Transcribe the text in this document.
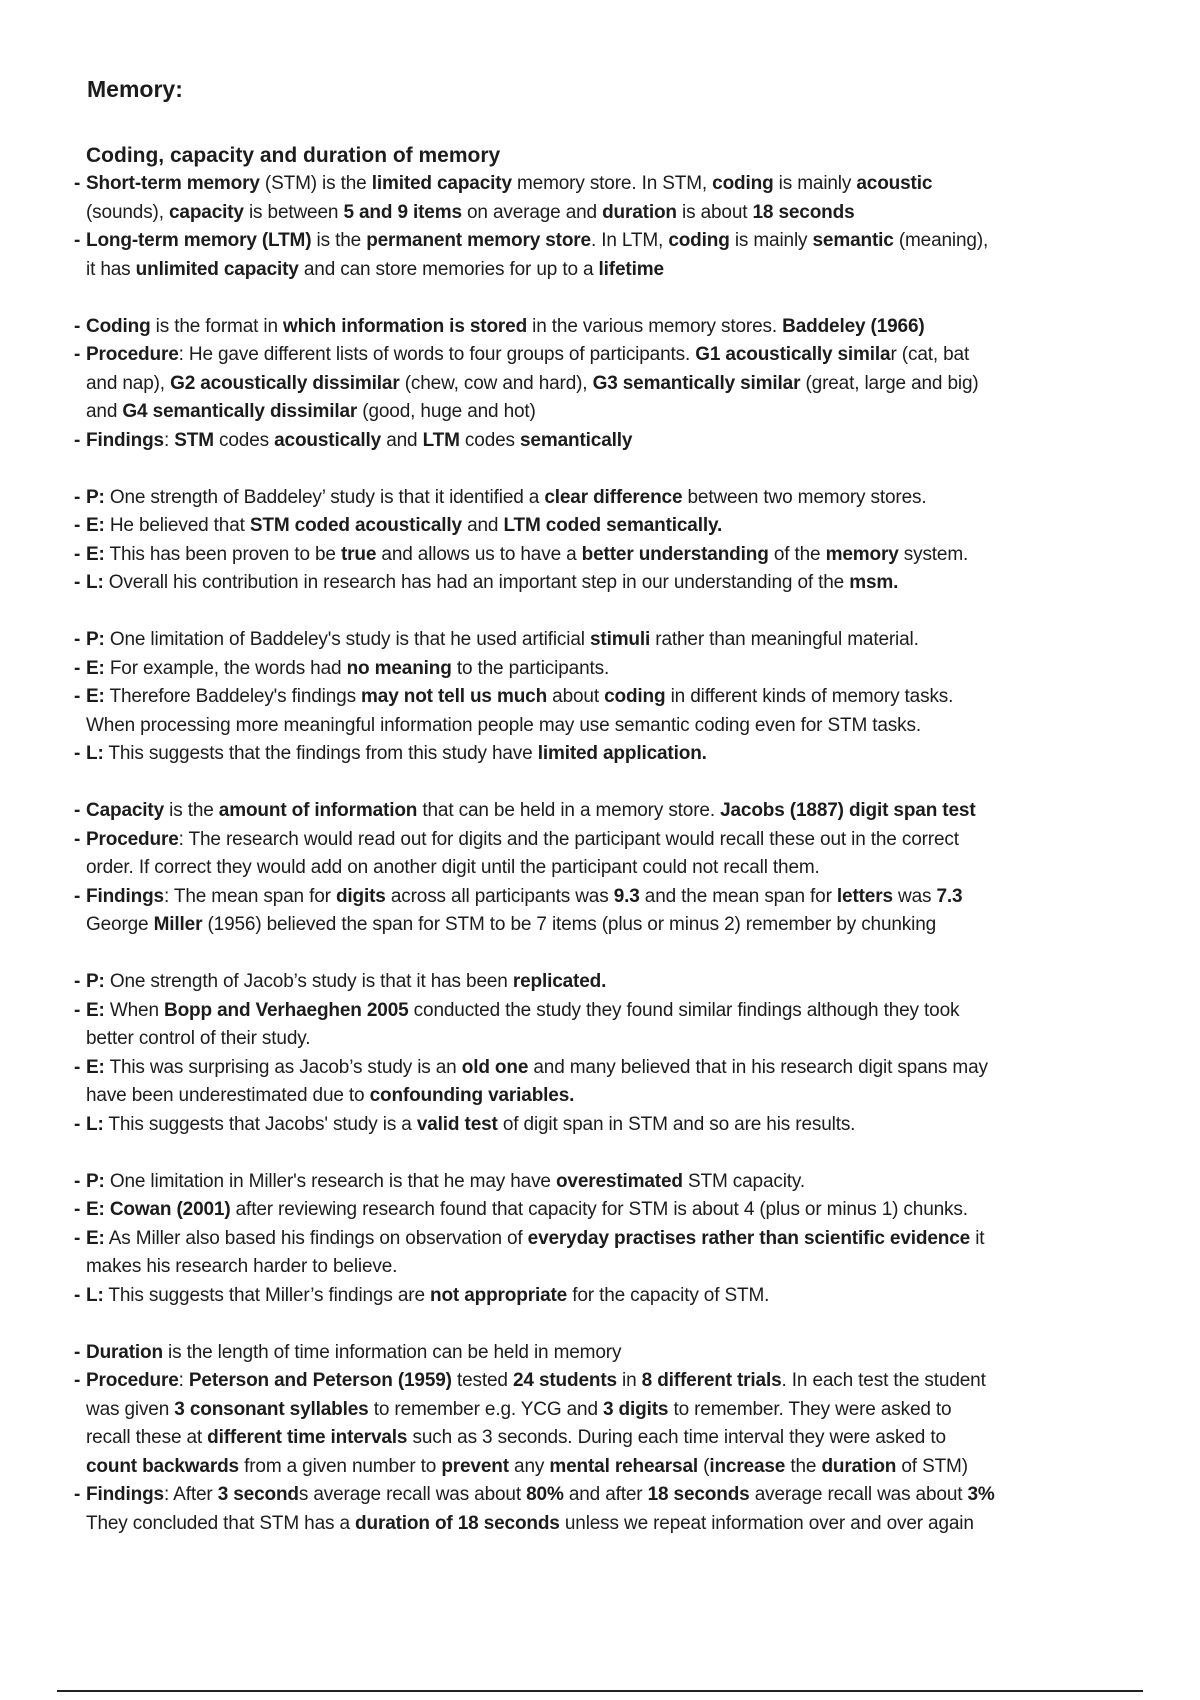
Memory:
Coding, capacity and duration of memory
- Short-term memory (STM) is the limited capacity memory store. In STM, coding is mainly acoustic
(sounds), capacity is between 5 and 9 items on average and duration is about 18 seconds
- Long-term memory (LTM) is the permanent memory store. In LTM, coding is mainly semantic (meaning),
it has unlimited capacity and can store memories for up to a lifetime
- Coding is the format in which information is stored in the various memory stores. Baddeley (1966)
- Procedure: He gave different lists of words to four groups of participants. G1 acoustically similar (cat, bat
and nap), G2 acoustically dissimilar (chew, cow and hard), G3 semantically similar (great, large and big)
and G4 semantically dissimilar (good, huge and hot)
- Findings: STM codes acoustically and LTM codes semantically
- P: One strength of Baddeley’ study is that it identified a clear difference between two memory stores.
- E: He believed that STM coded acoustically and LTM coded semantically.
- E: This has been proven to be true and allows us to have a better understanding of the memory system.
- L: Overall his contribution in research has had an important step in our understanding of the msm.
- P: One limitation of Baddeley's study is that he used artificial stimuli rather than meaningful material.
- E: For example, the words had no meaning to the participants.
- E: Therefore Baddeley's findings may not tell us much about coding in different kinds of memory tasks.
When processing more meaningful information people may use semantic coding even for STM tasks.
- L: This suggests that the findings from this study have limited application.
- Capacity is the amount of information that can be held in a memory store. Jacobs (1887) digit span test
- Procedure: The research would read out for digits and the participant would recall these out in the correct
order. If correct they would add on another digit until the participant could not recall them.
- Findings: The mean span for digits across all participants was 9.3 and the mean span for letters was 7.3
George Miller (1956) believed the span for STM to be 7 items (plus or minus 2) remember by chunking
- P: One strength of Jacob’s study is that it has been replicated.
- E: When Bopp and Verhaeghen 2005 conducted the study they found similar findings although they took
better control of their study.
- E: This was surprising as Jacob’s study is an old one and many believed that in his research digit spans may
have been underestimated due to confounding variables.
- L: This suggests that Jacobs' study is a valid test of digit span in STM and so are his results.
- P: One limitation in Miller's research is that he may have overestimated STM capacity.
- E: Cowan (2001) after reviewing research found that capacity for STM is about 4 (plus or minus 1) chunks.
- E: As Miller also based his findings on observation of everyday practises rather than scientific evidence it
makes his research harder to believe.
- L: This suggests that Miller’s findings are not appropriate for the capacity of STM.
- Duration is the length of time information can be held in memory
- Procedure: Peterson and Peterson (1959) tested 24 students in 8 different trials. In each test the student
was given 3 consonant syllables to remember e.g. YCG and 3 digits to remember. They were asked to
recall these at different time intervals such as 3 seconds. During each time interval they were asked to
count backwards from a given number to prevent any mental rehearsal (increase the duration of STM)
- Findings: After 3 seconds average recall was about 80% and after 18 seconds average recall was about 3%
They concluded that STM has a duration of 18 seconds unless we repeat information over and over again
